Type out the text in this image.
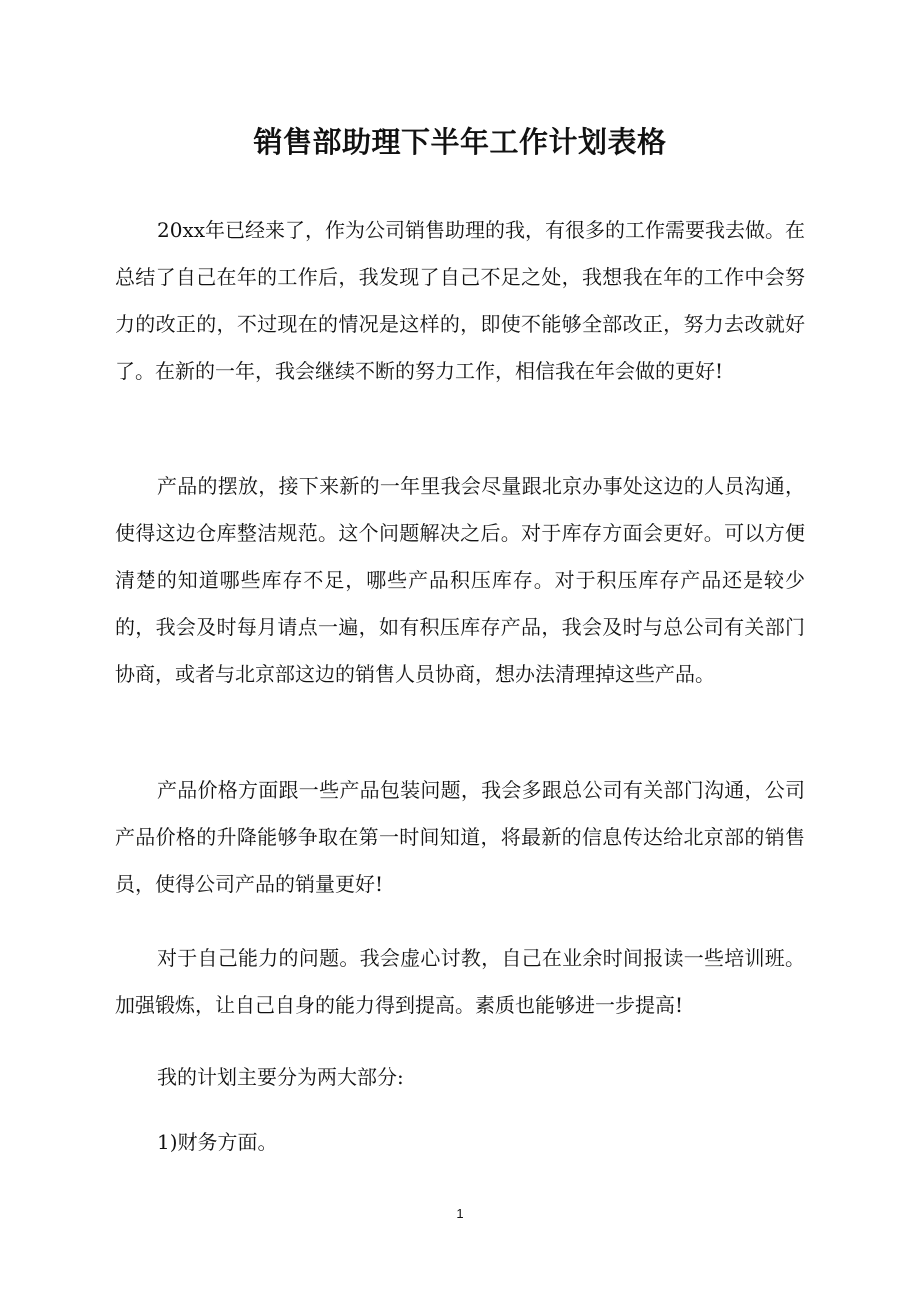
销售部助理下半年工作计划表格

20xx年已经来了，作为公司销售助理的我，有很多的工作需要我去做。在总结了自己在年的工作后，我发现了自己不足之处，我想我在年的工作中会努力的改正的，不过现在的情况是这样的，即使不能够全部改正，努力去改就好了。在新的一年，我会继续不断的努力工作，相信我在年会做的更好!

产品的摆放，接下来新的一年里我会尽量跟北京办事处这边的人员沟通，使得这边仓库整洁规范。这个问题解决之后。对于库存方面会更好。可以方便清楚的知道哪些库存不足，哪些产品积压库存。对于积压库存产品还是较少的，我会及时每月请点一遍，如有积压库存产品，我会及时与总公司有关部门协商，或者与北京部这边的销售人员协商，想办法清理掉这些产品。

产品价格方面跟一些产品包装问题，我会多跟总公司有关部门沟通，公司产品价格的升降能够争取在第一时间知道，将最新的信息传达给北京部的销售员，使得公司产品的销量更好!

对于自己能力的问题。我会虚心讨教，自己在业余时间报读一些培训班。加强锻炼，让自己自身的能力得到提高。素质也能够进一步提高!

我的计划主要分为两大部分:

1)财务方面。

1
